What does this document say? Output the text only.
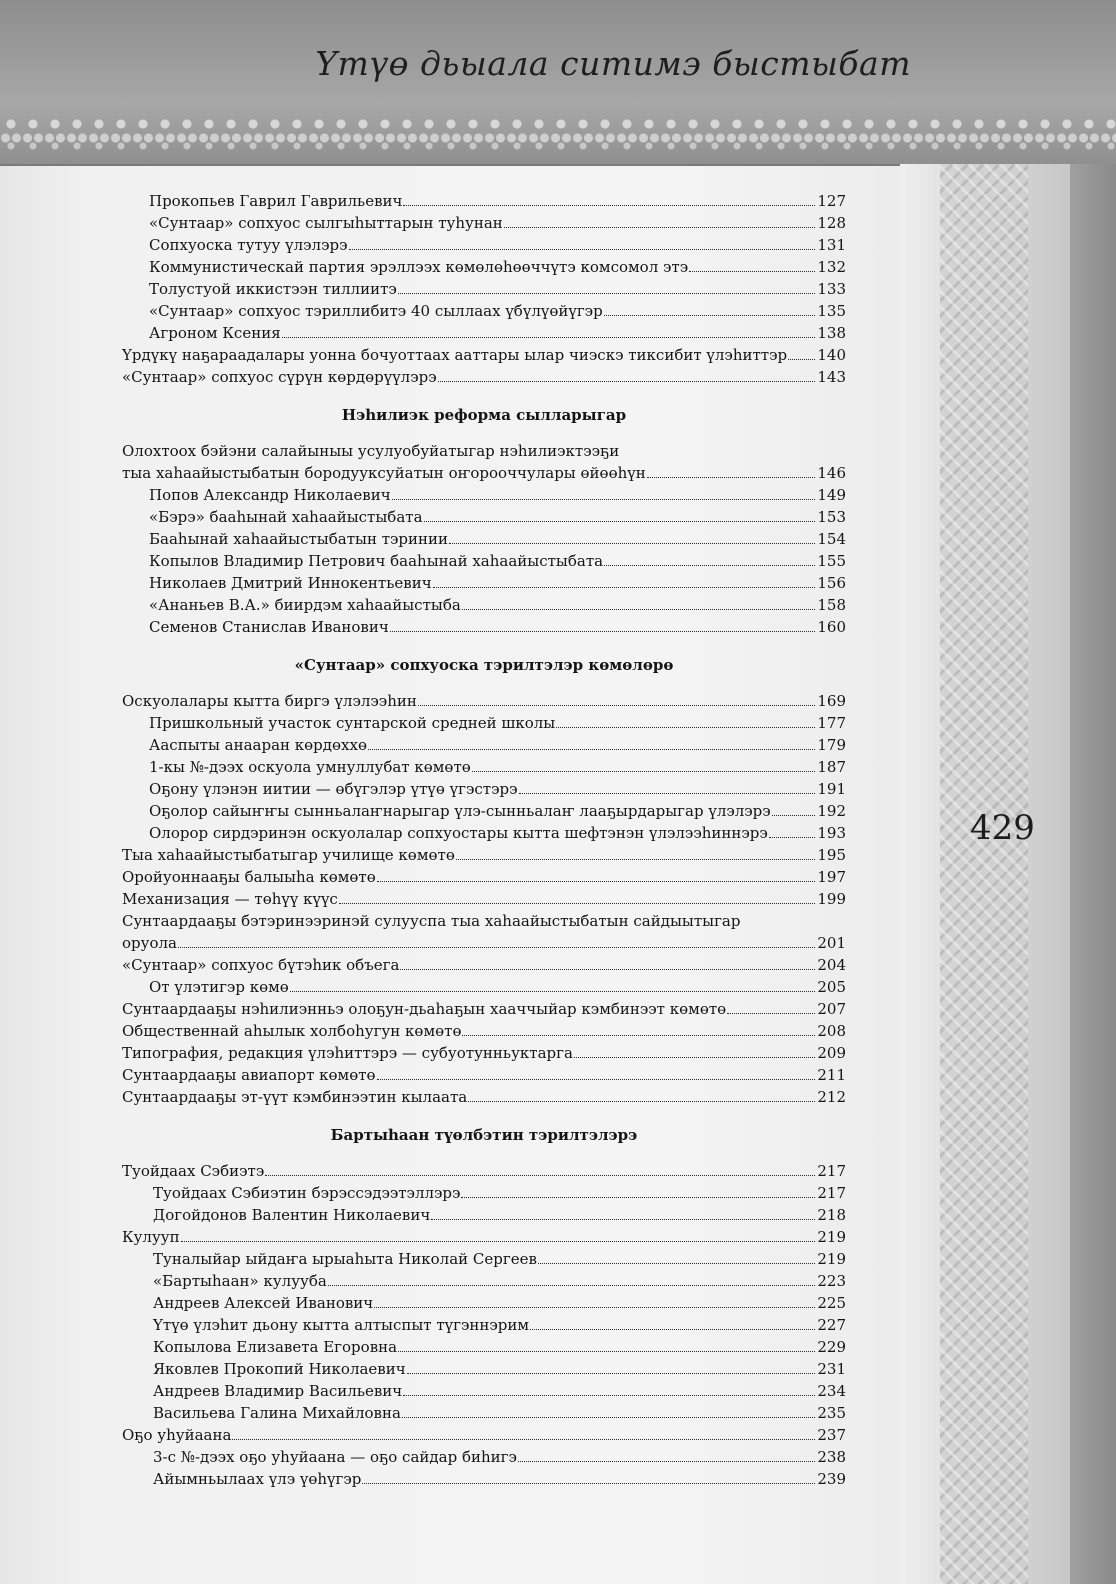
Үтүө дьыала ситимэ быстыбат
429
Прокопьев Гаврил Гаврильевич	127
«Сунтаар» сопхуос сылгыһыттарын туһунан	128
Сопхуоска тутуу үлэлэрэ	131
Коммунистическай партия эрэллээх көмөлөһөөччүтэ комсомол этэ	132
Толустуой иккистээн тиллиитэ	133
«Сунтаар» сопхуос тэриллибитэ 40 сыллаах үбүлүөйүгэр	135
Агроном Ксения	138
Үрдүкү наҕараадалары уонна бочуоттаах ааттары ылар чиэскэ тиксибит үлэһиттэр 140
«Сунтаар» сопхуос сүрүн көрдөрүүлэрэ	143
Нэһилиэк реформа сылларыгар
Олохтоох бэйэни салайыныы усулуобуйатыгар нэһилиэктээҕи
тыа хаһаайыстыбатын бородууксуйатын оҥорооччулары өйөөһүн	146
Попов Александр Николаевич	149
«Бэрэ» бааһынай хаһаайыстыбата	153
Бааһынай хаһаайыстыбатын тэринии	154
Копылов Владимир Петрович бааһынай хаһаайыстыбата	155
Николаев Дмитрий Иннокентьевич	156
«Ананьев В.А.» биирдэм хаһаайыстыба	158
Семенов Станислав Иванович	160
«Сунтаар» сопхуоска тэрилтэлэр көмөлөрө
Оскуолалары кытта биргэ үлэлээһин	169
Пришкольный участок сунтарской средней школы	177
Ааспыты анааран көрдөххө	179
1-кы №-дээх оскуола умнуллубат көмөтө	187
Оҕону үлэнэн иитии — өбүгэлэр үтүө үгэстэрэ	191
Оҕолор сайыҥҥы сынньалаҥнарыгар үлэ-сынньалаҥ лааҕырдарыгар үлэлэрэ	192
Олорор сирдэринэн оскуолалар сопхуостары кытта шефтэнэн үлэлээһиннэрэ	193
Тыа хаһаайыстыбатыгар училище көмөтө	195
Оройуоннааҕы балыыһа көмөтө	197
Механизация — төһүү күүс	199
Сунтаардааҕы бэтэринээринэй сулууспа тыа хаһаайыстыбатын сайдыытыгар
оруола	201
«Сунтаар» сопхуос бүтэһик объега	204
От үлэтигэр көмө	205
Сунтаардааҕы нэһилиэнньэ олоҕун-дьаһаҕын хааччыйар кэмбинээт көмөтө	207
Общественнай аһылык холбоһугун көмөтө	208
Типография, редакция үлэһиттэрэ — субуотунньуктарга	209
Сунтаардааҕы авиапорт көмөтө	211
Сунтаардааҕы эт-үүт кэмбинээтин кылаата	212
Бартыһаан түөлбэтин тэрилтэлэрэ
Туойдаах Сэбиэтэ	217
Туойдаах Сэбиэтин бэрэссэдээтэллэрэ	217
Догойдонов Валентин Николаевич	218
Кулууп	219
Туналыйар ыйдаҥа ырыаһыта Николай Сергеев	219
«Бартыһаан» кулууба	223
Андреев Алексей Иванович	225
Үтүө үлэһит дьону кытта алтыспыт түгэннэрим	227
Копылова Елизавета Егоровна	229
Яковлев Прокопий Николаевич	231
Андреев Владимир Васильевич	234
Васильева Галина Михайловна	235
Оҕо уһуйаана	237
3-с №-дээх оҕо уһуйаана — оҕо сайдар биһигэ	238
Айымньылаах үлэ үөһүгэр	239
